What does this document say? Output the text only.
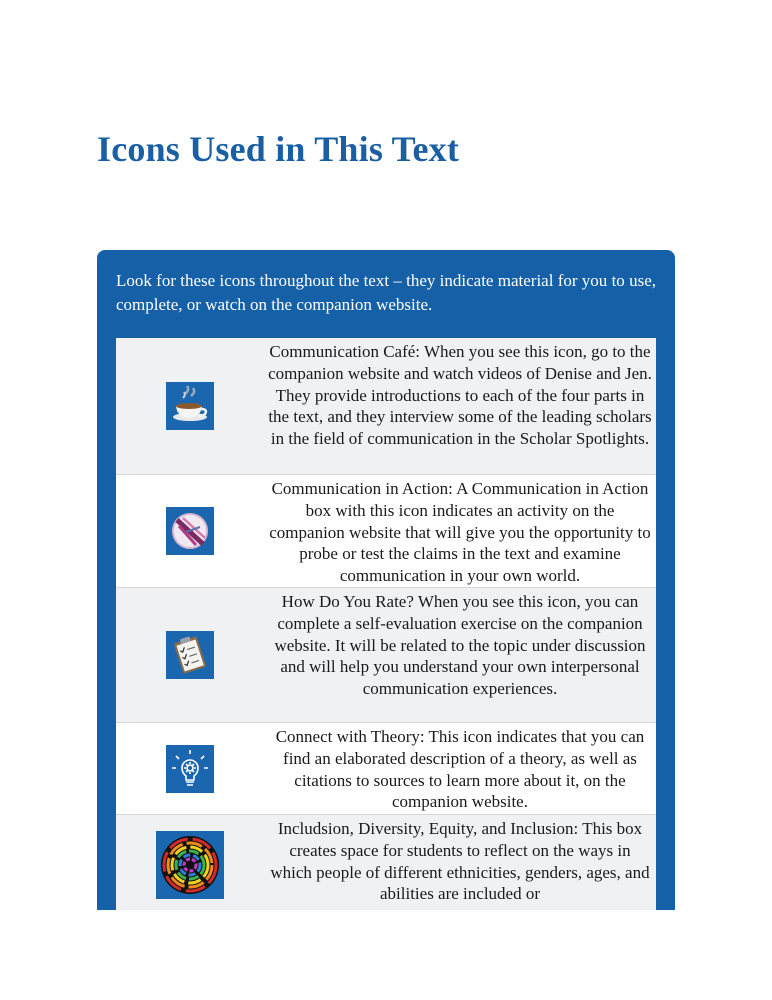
Icons Used in This Text

Look for these icons throughout the text – they indicate material for you to use, complete, or watch on the companion website.

Communication Café: When you see this icon, go to the companion website and watch videos of Denise and Jen. They provide introductions to each of the four parts in the text, and they interview some of the leading scholars in the field of communication in the Scholar Spotlights.
Communication in Action: A Communication in Action box with this icon indicates an activity on the companion website that will give you the opportunity to probe or test the claims in the text and examine communication in your own world.
How Do You Rate? When you see this icon, you can complete a self-evaluation exercise on the companion website. It will be related to the topic under discussion and will help you understand your own interpersonal communication experiences.
Connect with Theory: This icon indicates that you can find an elaborated description of a theory, as well as citations to sources to learn more about it, on the companion website.
Includsion, Diversity, Equity, and Inclusion: This box creates space for students to reflect on the ways in which people of different ethnicities, genders, ages, and abilities are included or
